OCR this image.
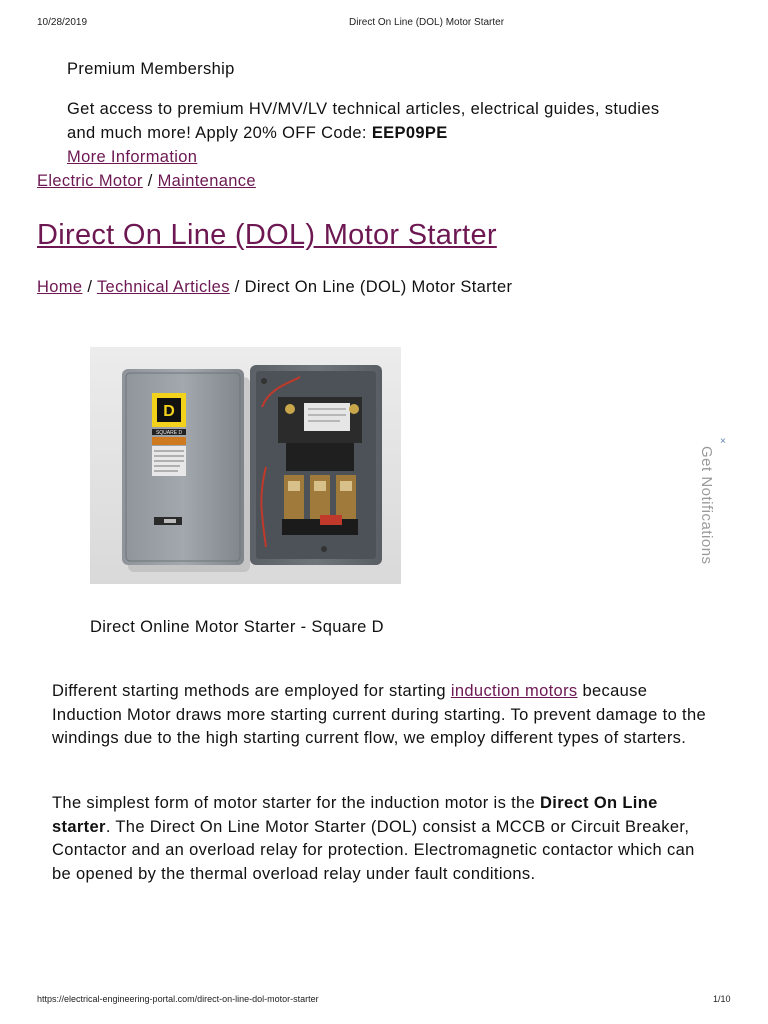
10/28/2019	Direct On Line (DOL) Motor Starter
Premium Membership
Get access to premium HV/MV/LV technical articles, electrical guides, studies and much more! Apply 20% OFF Code: EEP09PE
More Information
Electric Motor / Maintenance
Direct On Line (DOL) Motor Starter
Home / Technical Articles / Direct On Line (DOL) Motor Starter
D
SQUARE D
Direct Online Motor Starter - Square D
×
Get Notifications
Different starting methods are employed for starting induction motors because Induction Motor draws more starting current during starting. To prevent damage to the windings due to the high starting current flow, we employ different types of starters.
The simplest form of motor starter for the induction motor is the Direct On Line starter. The Direct On Line Motor Starter (DOL) consist a MCCB or Circuit Breaker, Contactor and an overload relay for protection. Electromagnetic contactor which can be opened by the thermal overload relay under fault conditions.
https://electrical-engineering-portal.com/direct-on-line-dol-motor-starter	1/10
